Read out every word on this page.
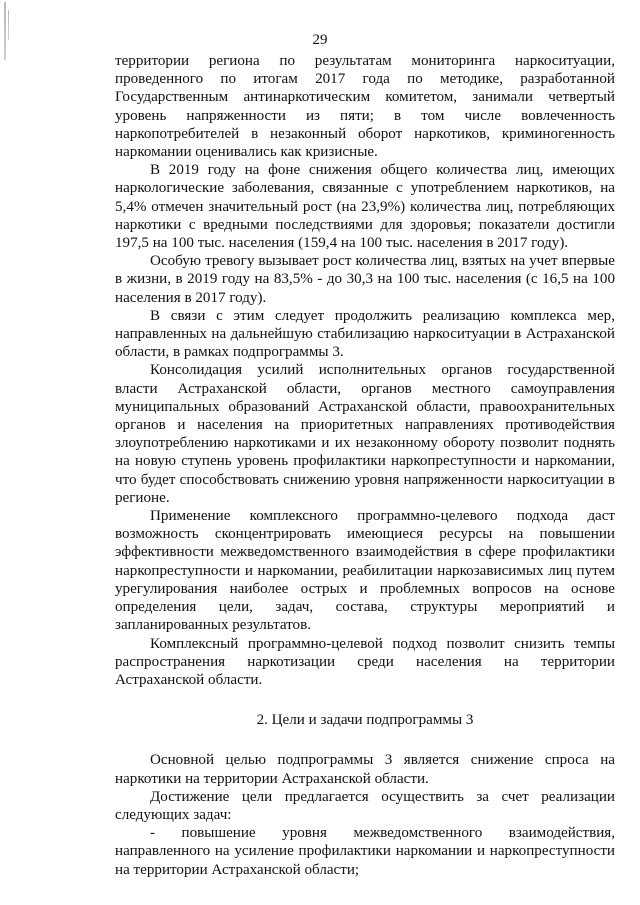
29

территории региона по результатам мониторинга наркоситуации, проведенного по итогам 2017 года по методике, разработанной Государственным антинаркотическим комитетом, занимали четвертый уровень напряженности из пяти; в том числе вовлеченность наркопотребителей в незаконный оборот наркотиков, криминогенность наркомании оценивались как кризисные.

В 2019 году на фоне снижения общего количества лиц, имеющих наркологические заболевания, связанные с употреблением наркотиков, на 5,4% отмечен значительный рост (на 23,9%) количества лиц, потребляющих наркотики с вредными последствиями для здоровья; показатели достигли 197,5 на 100 тыс. населения (159,4 на 100 тыс. населения в 2017 году).

Особую тревогу вызывает рост количества лиц, взятых на учет впервые в жизни, в 2019 году на 83,5% - до 30,3 на 100 тыс. населения (с 16,5 на 100 населения в 2017 году).

В связи с этим следует продолжить реализацию комплекса мер, направленных на дальнейшую стабилизацию наркоситуации в Астраханской области, в рамках подпрограммы 3.

Консолидация усилий исполнительных органов государственной власти Астраханской области, органов местного самоуправления муниципальных образований Астраханской области, правоохранительных органов и населения на приоритетных направлениях противодействия злоупотреблению наркотиками и их незаконному обороту позволит поднять на новую ступень уровень профилактики наркопреступности и наркомании, что будет способствовать снижению уровня напряженности наркоситуации в регионе.

Применение комплексного программно-целевого подхода даст возможность сконцентрировать имеющиеся ресурсы на повышении эффективности межведомственного взаимодействия в сфере профилактики наркопреступности и наркомании, реабилитации наркозависимых лиц путем урегулирования наиболее острых и проблемных вопросов на основе определения цели, задач, состава, структуры мероприятий и запланированных результатов.

Комплексный программно-целевой подход позволит снизить темпы распространения наркотизации среди населения на территории Астраханской области.

2. Цели и задачи подпрограммы 3

Основной целью подпрограммы 3 является снижение спроса на наркотики на территории Астраханской области.

Достижение цели предлагается осуществить за счет реализации следующих задач:

- повышение уровня межведомственного взаимодействия, направленного на усиление профилактики наркомании и наркопреступности на территории Астраханской области;
